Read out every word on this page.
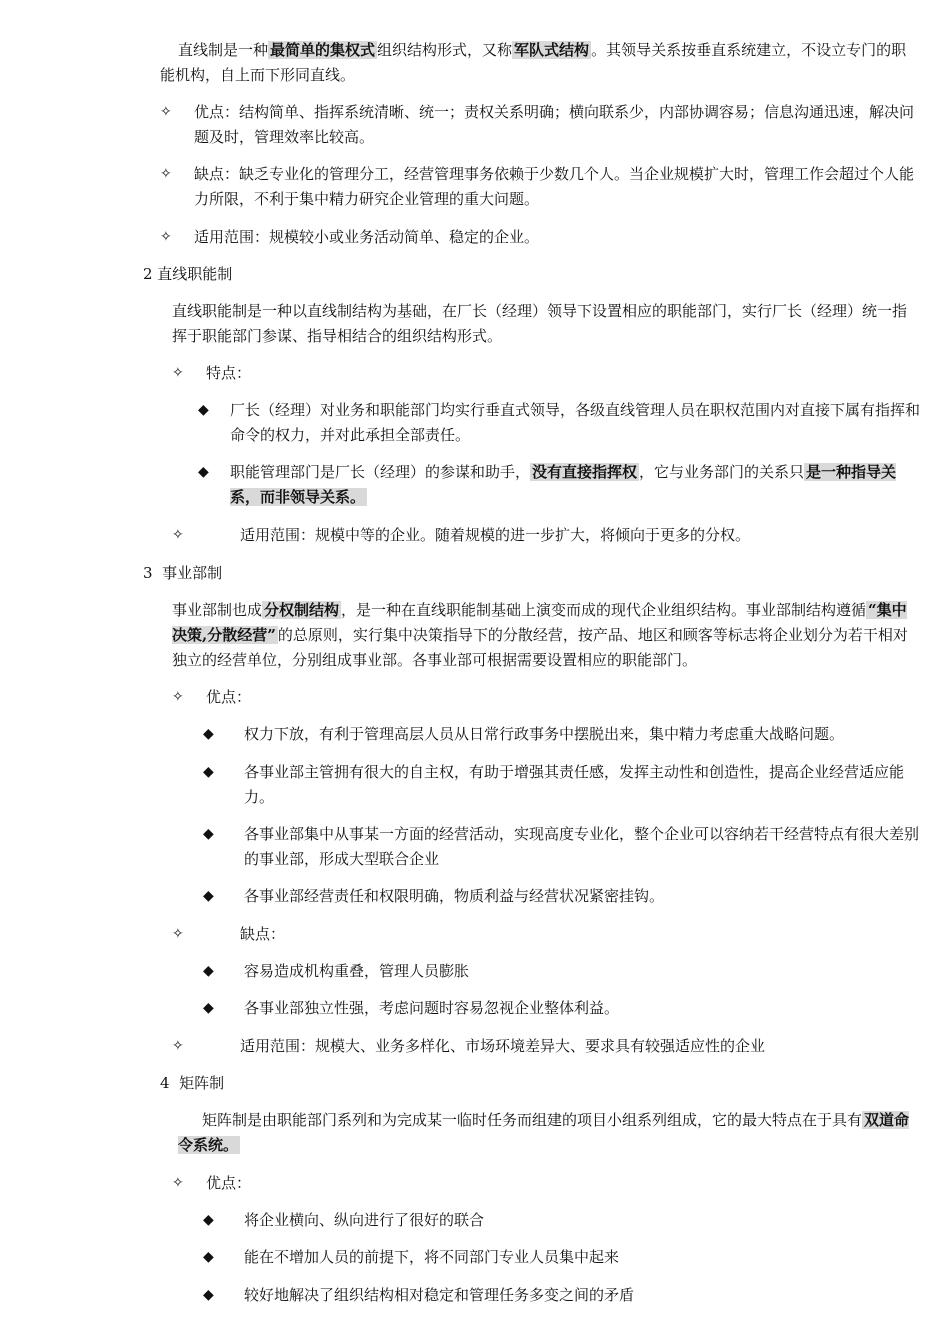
直线制是一种 最简单的集权式 组织结构形式，又称 军队式结构 。其领导关系按垂直系统建立，不设立专门的职能机构，自上而下形同直线。
✧ 优点：结构简单、指挥系统清晰、统一；责权关系明确；横向联系少，内部协调容易；信息沟通迅速，解决问题及时，管理效率比较高。
✧ 缺点：缺乏专业化的管理分工，经营管理事务依赖于少数几个人。当企业规模扩大时，管理工作会超过个人能力所限，不利于集中精力研究企业管理的重大问题。
✧ 适用范围：规模较小或业务活动简单、稳定的企业。
2 直线职能制
直线职能制是一种以直线制结构为基础，在厂长（经理）领导下设置相应的职能部门，实行厂长（经理）统一指挥于职能部门参谋、指导相结合的组织结构形式。
✧ 特点：
◆ 厂长（经理）对业务和职能部门均实行垂直式领导，各级直线管理人员在职权范围内对直接下属有指挥和命令的权力，并对此承担全部责任。
◆ 职能管理部门是厂长（经理）的参谋和助手， 没有直接指挥权 ，它与业务部门的关系只 是一种指导关系，而非领导关系。
✧	适用范围：规模中等的企业。随着规模的进一步扩大，将倾向于更多的分权。
3  事业部制
事业部制也成 分权制结构 ，是一种在直线职能制基础上演变而成的现代企业组织结构。事业部制结构遵循 “集中决策,分散经营” 的总原则，实行集中决策指导下的分散经营，按产品、地区和顾客等标志将企业划分为若干相对独立的经营单位，分别组成事业部。各事业部可根据需要设置相应的职能部门。
✧ 优点：
◆ 权力下放，有利于管理高层人员从日常行政事务中摆脱出来，集中精力考虑重大战略问题。
◆ 各事业部主管拥有很大的自主权，有助于增强其责任感，发挥主动性和创造性，提高企业经营适应能力。
◆ 各事业部集中从事某一方面的经营活动，实现高度专业化，整个企业可以容纳若干经营特点有很大差别的事业部，形成大型联合企业
◆ 各事业部经营责任和权限明确，物质利益与经营状况紧密挂钩。
✧	缺点：
◆ 容易造成机构重叠，管理人员膨胀
◆ 各事业部独立性强，考虑问题时容易忽视企业整体利益。
✧	适用范围：规模大、业务多样化、市场环境差异大、要求具有较强适应性的企业
4  矩阵制
矩阵制是由职能部门系列和为完成某一临时任务而组建的项目小组系列组成，它的最大特点在于具有 双道命令系统。
✧ 优点：
◆ 将企业横向、纵向进行了很好的联合
◆ 能在不增加人员的前提下，将不同部门专业人员集中起来
◆ 较好地解决了组织结构相对稳定和管理任务多变之间的矛盾
